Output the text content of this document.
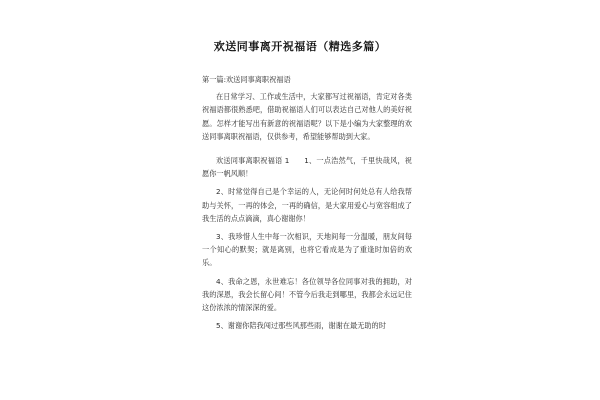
欢送同事离开祝福语（精选多篇）

第一篇:欢送同事离职祝福语

在日常学习、工作或生活中，大家都写过祝福语，肯定对各类祝福语都很熟悉吧，借助祝福语人们可以表达自己对他人的美好祝愿。怎样才能写出有新意的祝福语呢？以下是小编为大家整理的欢送同事离职祝福语，仅供参考，希望能够帮助到大家。

欢送同事离职祝福语 1　　1、一点浩然气，千里快哉风，祝愿你一帆风顺！

2、时常觉得自己是个幸运的人，无论何时何处总有人给我帮助与关怀，一再的体会，一再的确信，是大家用爱心与宽容组成了我生活的点点滴滴，真心谢谢你！

3、我珍惜人生中每一次相识，天地间每一分温暖，朋友间每一个知心的默契；就是离别，也将它看成是为了重逢时加倍的欢乐。

4、我命之恩，永世难忘！各位领导各位同事对我的拥助，对我的深恩，我会长留心间！不管今后我走到哪里，我都会永远记住这份浓浓的情深深的爱。

5、谢谢你陪我闯过那些风那些雨，谢谢在最无助的时
